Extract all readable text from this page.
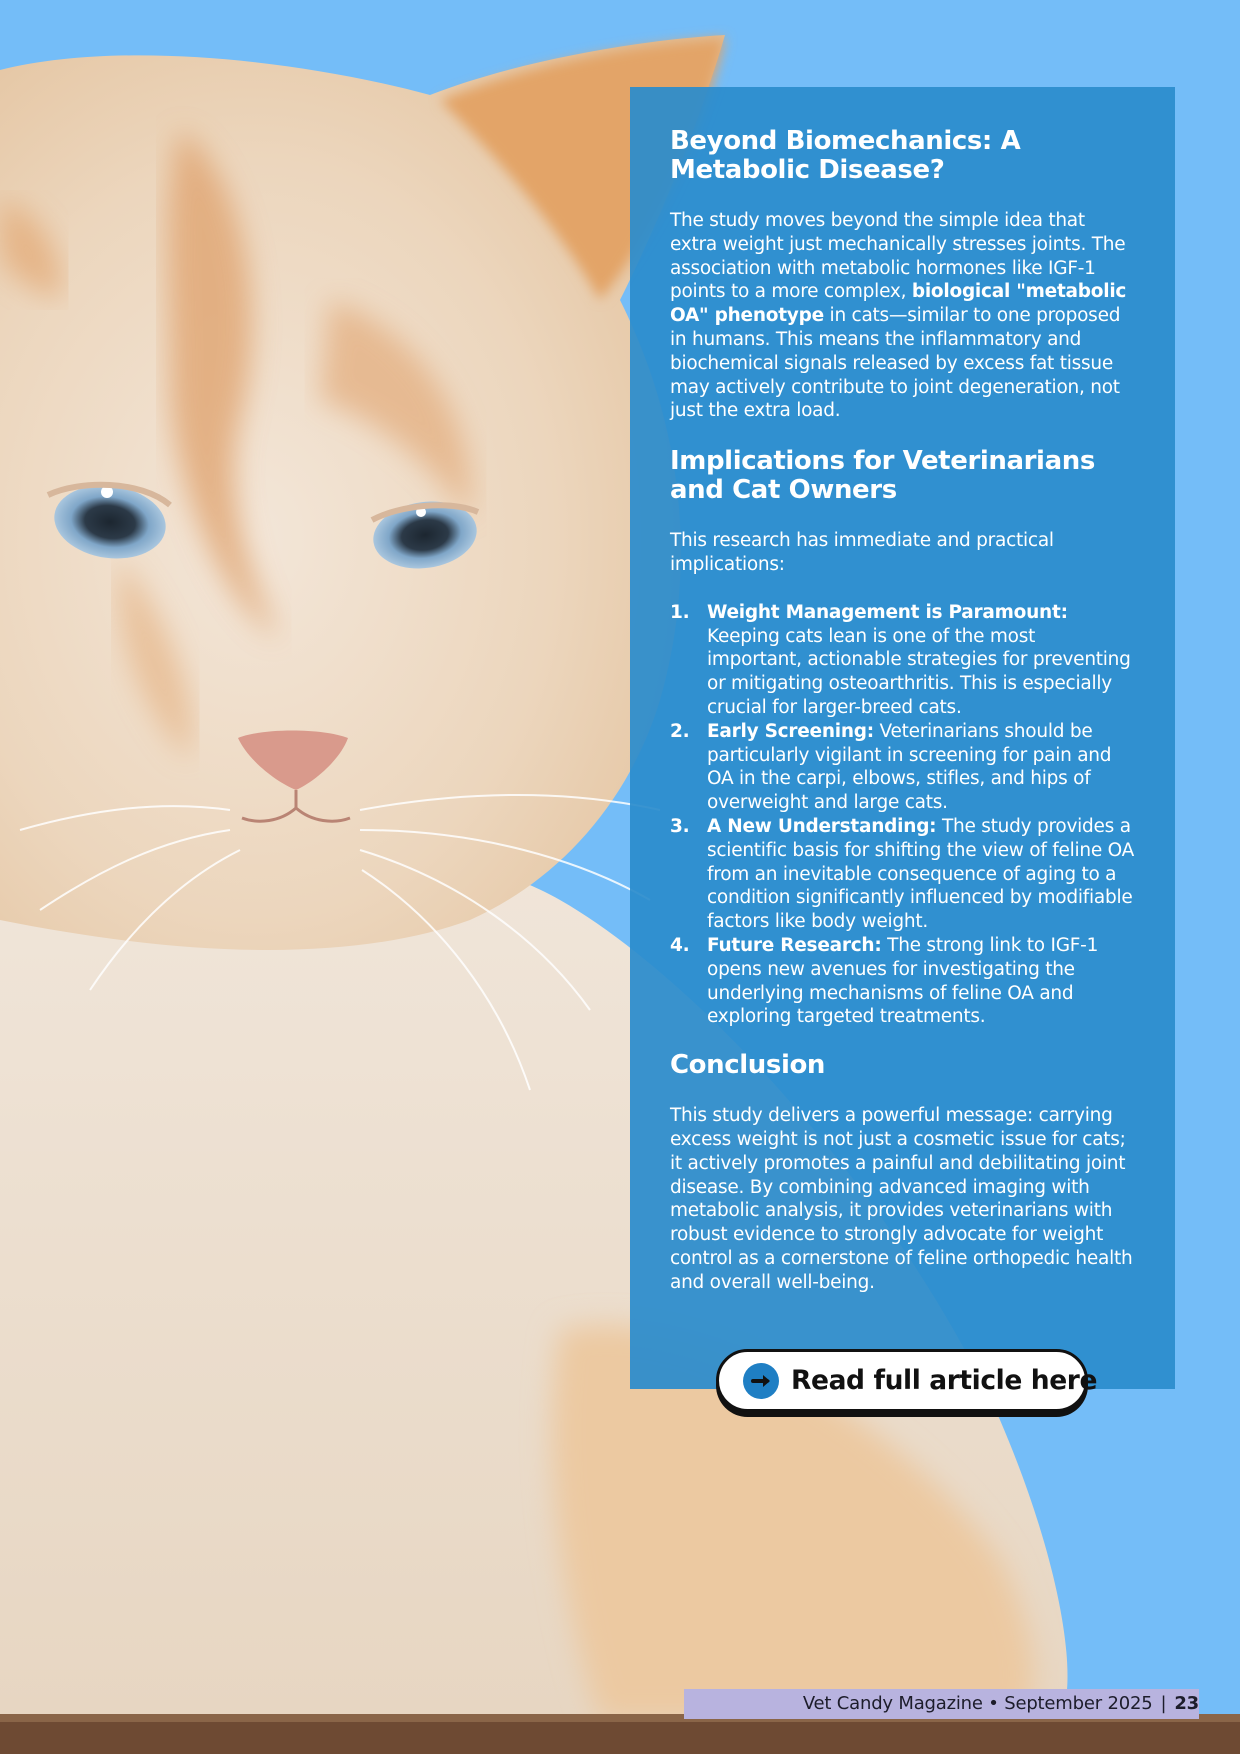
Beyond Biomechanics: A Metabolic Disease?

The study moves beyond the simple idea that extra weight just mechanically stresses joints. The association with metabolic hormones like IGF-1 points to a more complex, biological "metabolic OA" phenotype in cats—similar to one proposed in humans. This means the inflammatory and biochemical signals released by excess fat tissue may actively contribute to joint degeneration, not just the extra load.

Implications for Veterinarians and Cat Owners

This research has immediate and practical implications:

1. Weight Management is Paramount: Keeping cats lean is one of the most important, actionable strategies for preventing or mitigating osteoarthritis. This is especially crucial for larger-breed cats.
2. Early Screening: Veterinarians should be particularly vigilant in screening for pain and OA in the carpi, elbows, stifles, and hips of overweight and large cats.
3. A New Understanding: The study provides a scientific basis for shifting the view of feline OA from an inevitable consequence of aging to a condition significantly influenced by modifiable factors like body weight.
4. Future Research: The strong link to IGF-1 opens new avenues for investigating the underlying mechanisms of feline OA and exploring targeted treatments.
Conclusion

This study delivers a powerful message: carrying excess weight is not just a cosmetic issue for cats; it actively promotes a painful and debilitating joint disease. By combining advanced imaging with metabolic analysis, it provides veterinarians with robust evidence to strongly advocate for weight control as a cornerstone of feline orthopedic health and overall well-being.

Read full article here
Vet Candy Magazine • September 2025 | 23
